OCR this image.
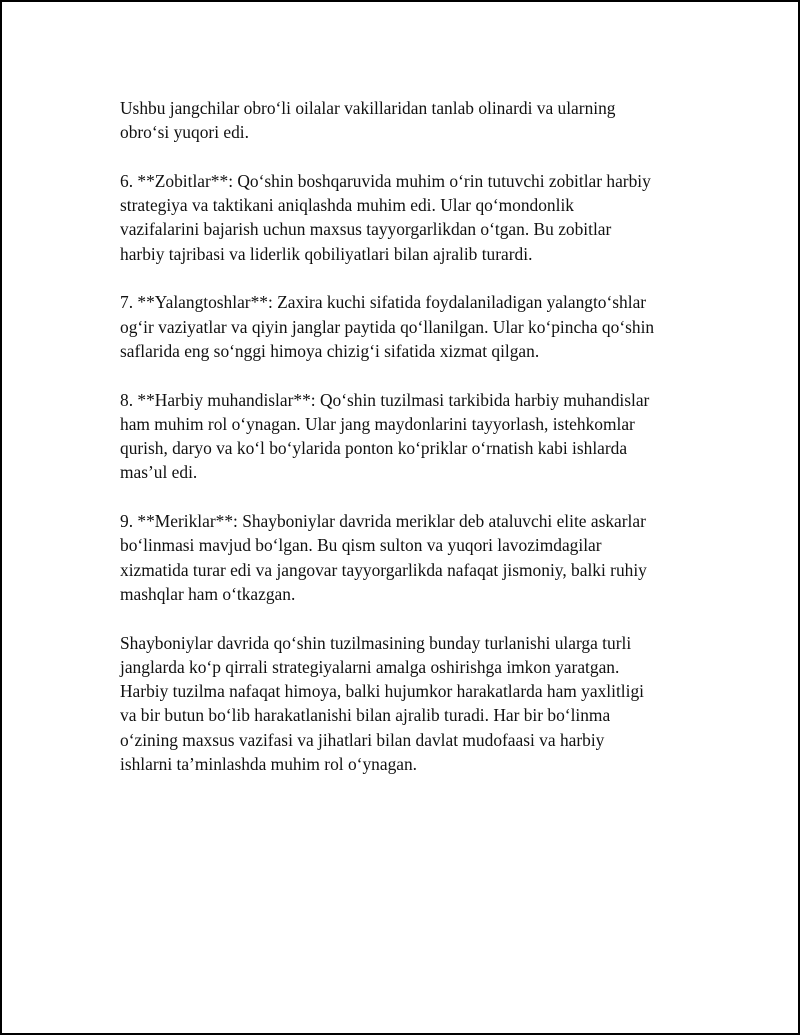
Ushbu jangchilar obro‘li oilalar vakillaridan tanlab olinardi va ularning
obro‘si yuqori edi.

6. **Zobitlar**: Qo‘shin boshqaruvida muhim o‘rin tutuvchi zobitlar harbiy
strategiya va taktikani aniqlashda muhim edi. Ular qo‘mondonlik
vazifalarini bajarish uchun maxsus tayyorgarlikdan o‘tgan. Bu zobitlar
harbiy tajribasi va liderlik qobiliyatlari bilan ajralib turardi.

7. **Yalangtoshlar**: Zaxira kuchi sifatida foydalaniladigan yalangto‘shlar
og‘ir vaziyatlar va qiyin janglar paytida qo‘llanilgan. Ular ko‘pincha qo‘shin
saflarida eng so‘nggi himoya chizig‘i sifatida xizmat qilgan.

8. **Harbiy muhandislar**: Qo‘shin tuzilmasi tarkibida harbiy muhandislar
ham muhim rol o‘ynagan. Ular jang maydonlarini tayyorlash, istehkomlar
qurish, daryo va ko‘l bo‘ylarida ponton ko‘priklar o‘rnatish kabi ishlarda
mas’ul edi.

9. **Meriklar**: Shayboniylar davrida meriklar deb ataluvchi elite askarlar
bo‘linmasi mavjud bo‘lgan. Bu qism sulton va yuqori lavozimdagilar
xizmatida turar edi va jangovar tayyorgarlikda nafaqat jismoniy, balki ruhiy
mashqlar ham o‘tkazgan.

Shayboniylar davrida qo‘shin tuzilmasining bunday turlanishi ularga turli
janglarda ko‘p qirrali strategiyalarni amalga oshirishga imkon yaratgan.
Harbiy tuzilma nafaqat himoya, balki hujumkor harakatlarda ham yaxlitligi
va bir butun bo‘lib harakatlanishi bilan ajralib turadi. Har bir bo‘linma
o‘zining maxsus vazifasi va jihatlari bilan davlat mudofaasi va harbiy
ishlarni ta’minlashda muhim rol o‘ynagan.
